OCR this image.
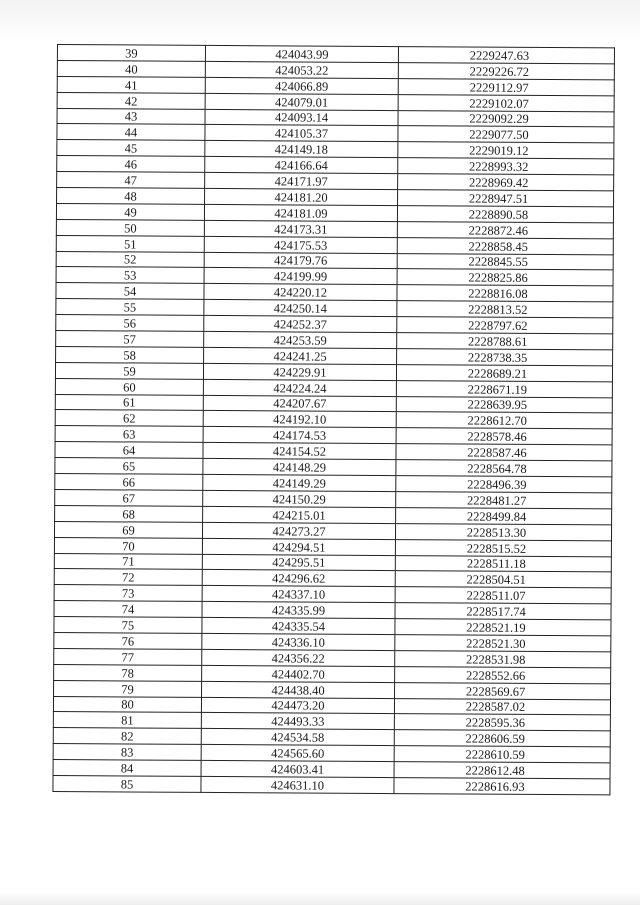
39	424043.99	2229247.63
40	424053.22	2229226.72
41	424066.89	2229112.97
42	424079.01	2229102.07
43	424093.14	2229092.29
44	424105.37	2229077.50
45	424149.18	2229019.12
46	424166.64	2228993.32
47	424171.97	2228969.42
48	424181.20	2228947.51
49	424181.09	2228890.58
50	424173.31	2228872.46
51	424175.53	2228858.45
52	424179.76	2228845.55
53	424199.99	2228825.86
54	424220.12	2228816.08
55	424250.14	2228813.52
56	424252.37	2228797.62
57	424253.59	2228788.61
58	424241.25	2228738.35
59	424229.91	2228689.21
60	424224.24	2228671.19
61	424207.67	2228639.95
62	424192.10	2228612.70
63	424174.53	2228578.46
64	424154.52	2228587.46
65	424148.29	2228564.78
66	424149.29	2228496.39
67	424150.29	2228481.27
68	424215.01	2228499.84
69	424273.27	2228513.30
70	424294.51	2228515.52
71	424295.51	2228511.18
72	424296.62	2228504.51
73	424337.10	2228511.07
74	424335.99	2228517.74
75	424335.54	2228521.19
76	424336.10	2228521.30
77	424356.22	2228531.98
78	424402.70	2228552.66
79	424438.40	2228569.67
80	424473.20	2228587.02
81	424493.33	2228595.36
82	424534.58	2228606.59
83	424565.60	2228610.59
84	424603.41	2228612.48
85	424631.10	2228616.93
